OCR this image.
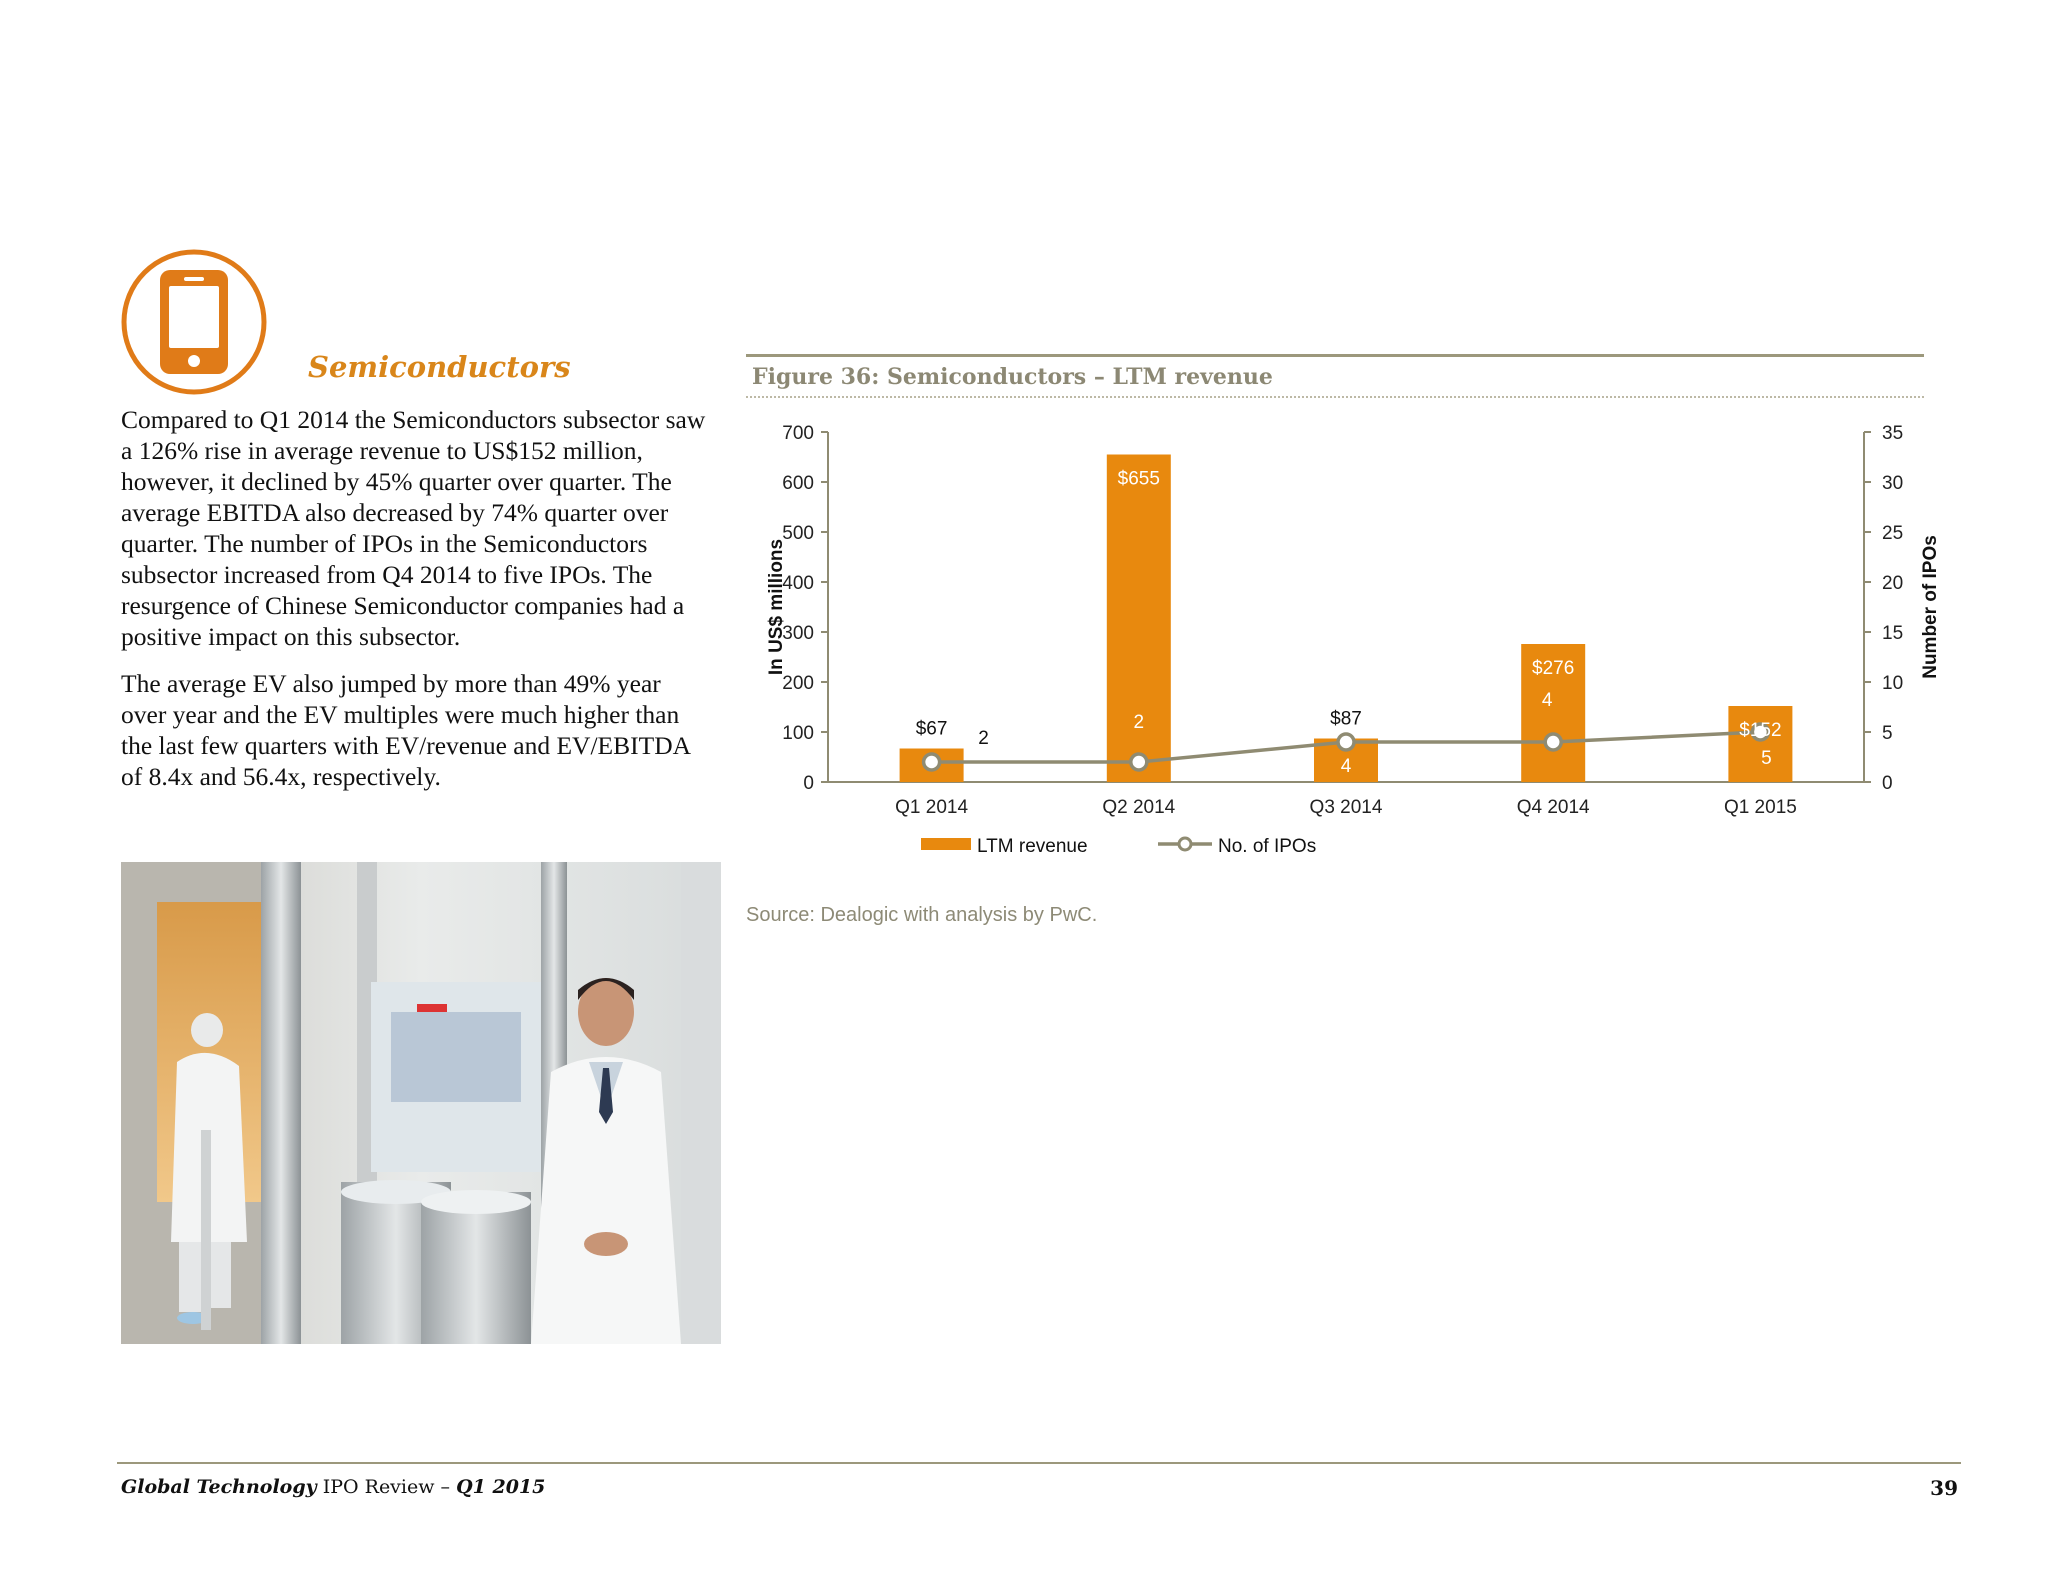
Semiconductors

Compared to Q1 2014 the Semiconductors subsector saw a 126% rise in average revenue to US$152 million, however, it declined by 45% quarter over quarter. The average EBITDA also decreased by 74% quarter over quarter. The number of IPOs in the Semiconductors subsector increased from Q4 2014 to five IPOs. The resurgence of Chinese Semiconductor companies had a positive impact on this subsector.

The average EV also jumped by more than 49% year over year and the EV multiples were much higher than the last few quarters with EV/revenue and EV/EBITDA of 8.4x and 56.4x, respectively.

Figure 36: Semiconductors – LTM revenue
0
100
200
300
400
500
600
700
0
5
10
15
20
25
30
35
Q1 2014	Q2 2014	Q3 2014	Q4 2014	Q1 2015
In US$ millions	Number of IPOs
$67
$655
$87
$276
$152
2
2
4
4
5
LTM revenue	No. of IPOs
Source: Dealogic with analysis by PwC.
Global Technology IPO Review – Q1 2015	39
